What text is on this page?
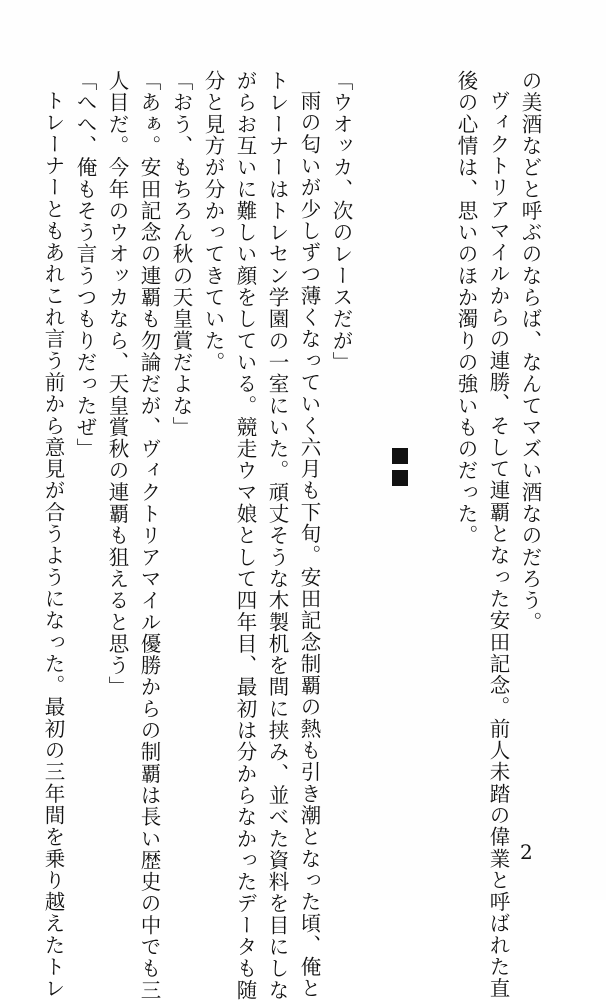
の美酒などと呼ぶのならば、なんてマズい酒なのだろう。

ヴィクトリアマイルからの連勝、そして連覇となった安田記念。前人未踏の偉業と呼ばれた直

後の心情は、思いのほか濁りの強いものだった。

「ウオッカ、次のレースだが」

雨の匂いが少しずつ薄くなっていく六月も下旬。安田記念制覇の熱も引き潮となった頃、俺と

トレーナーはトレセン学園の一室にいた。頑丈そうな木製机を間に挟み、並べた資料を目にしな

がらお互いに難しい顔をしている。競走ウマ娘として四年目、最初は分からなかったデータも随

分と見方が分かってきていた。

「おう、もちろん秋の天皇賞だよな」

「あぁ。安田記念の連覇も勿論だが、ヴィクトリアマイル優勝からの制覇は長い歴史の中でも三

人目だ。今年のウオッカなら、天皇賞秋の連覇も狙えると思う」

「へへ、俺もそう言うつもりだったぜ」

トレーナーともあれこれ言う前から意見が合うようになった。最初の三年間を乗り越えたトレ	2
